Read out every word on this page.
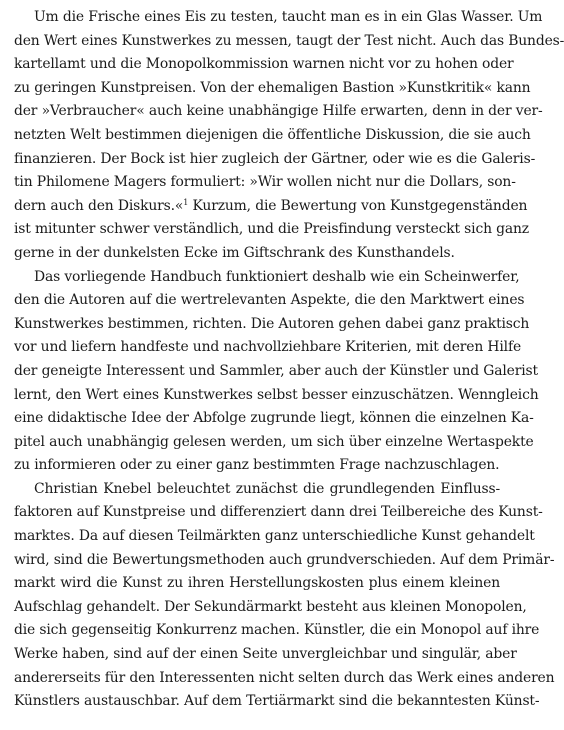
Um die Frische eines Eis zu testen, taucht man es in ein Glas Wasser. Um
den Wert eines Kunstwerkes zu messen, taugt der Test nicht. Auch das Bundes-
kartellamt und die Monopolkommission warnen nicht vor zu hohen oder
zu geringen Kunstpreisen. Von der ehemaligen Bastion »Kunstkritik« kann
der »Verbraucher« auch keine unabhängige Hilfe erwarten, denn in der ver-
netzten Welt bestimmen diejenigen die öffentliche Diskussion, die sie auch
finanzieren. Der Bock ist hier zugleich der Gärtner, oder wie es die Galeris-
tin Philomene Magers formuliert: »Wir wollen nicht nur die Dollars, son-
dern auch den Diskurs.«$^1$ Kurzum, die Bewertung von Kunstgegenständen
ist mitunter schwer verständlich, und die Preisfindung versteckt sich ganz
gerne in der dunkelsten Ecke im Giftschrank des Kunsthandels.
Das vorliegende Handbuch funktioniert deshalb wie ein Scheinwerfer,
den die Autoren auf die wertrelevanten Aspekte, die den Marktwert eines
Kunstwerkes bestimmen, richten. Die Autoren gehen dabei ganz praktisch
vor und liefern handfeste und nachvollziehbare Kriterien, mit deren Hilfe
der geneigte Interessent und Sammler, aber auch der Künstler und Galerist
lernt, den Wert eines Kunstwerkes selbst besser einzuschätzen. Wenngleich
eine didaktische Idee der Abfolge zugrunde liegt, können die einzelnen Ka-
pitel auch unabhängig gelesen werden, um sich über einzelne Wertaspekte
zu informieren oder zu einer ganz bestimmten Frage nachzuschlagen.
Christian Knebel beleuchtet zunächst die grundlegenden Einfluss-
faktoren auf Kunstpreise und differenziert dann drei Teilbereiche des Kunst-
marktes. Da auf diesen Teilmärkten ganz unterschiedliche Kunst gehandelt
wird, sind die Bewertungsmethoden auch grundverschieden. Auf dem Primär-
markt wird die Kunst zu ihren Herstellungskosten plus einem kleinen
Aufschlag gehandelt. Der Sekundärmarkt besteht aus kleinen Monopolen,
die sich gegenseitig Konkurrenz machen. Künstler, die ein Monopol auf ihre
Werke haben, sind auf der einen Seite unvergleichbar und singulär, aber
andererseits für den Interessenten nicht selten durch das Werk eines anderen
Künstlers austauschbar. Auf dem Tertiärmarkt sind die bekanntesten Künst-
